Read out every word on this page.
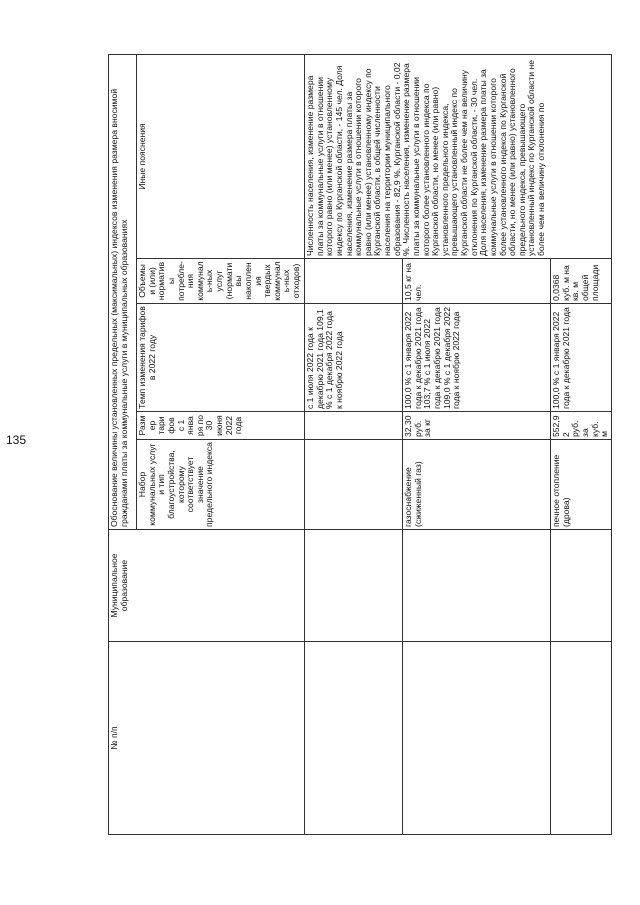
135
№ п/п	Муниципальное образование	Обоснование величины установленных предельных (максимальных) индексов изменения размера вносимой гражданами платы за коммунальные услуги в муниципальных образованиях				
		Набор коммунальных услуг и тип благоустройства, которому соответствует значение предельного индекса	Размер тарифов с 1 января по 30 июня 2022 года	Темп изменения тарифов в 2022 году	Объемы и (или) нормативы потребле-ния коммуналь-ных услуг (нормативы накопления твердых коммуналь-ных отходов)	Иные пояснения
				с 1 июля 2022 года к декабрю 2021 года 109,1 % с 1 декабря 2022 года к ноябрю 2022 года		Численность населения, изменение размера платы за коммунальные услуги в отношении которого равно (или менее) установленному индексу по Курганской области, - 145 чел. Доля населения, изменение размера платы за коммунальные услуги в отношении которого равно (или менее) установленному индексу по Курганской области, в общей численности населения на территории муниципального образования - 82,9 %. Курганской области - 0,02 %. Численность населения, изменение размера платы за коммунальные услуги в отношении которого более установленного индекса по Курганской области, но менее (или равно) установленного предельного индекса, превышающего установленный индекс по Курганской области не более чем на величину отклонения по Курганской области, - 30 чел. Доля населения, изменение размера платы за коммунальные услуги в отношении которого более установленного индекса по Курганской области, но менее (или равно) установленного предельного индекса, превышающего установленный индекс по Курганской области не более чем на величину отклонения по
		газоснабжение (сжиженный газ)	32,30 руб. за кг	100,0 % с 1 января 2022 года к декабрю 2021 года 103,7 % с 1 июля 2022 года к декабрю 2021 года 109,0 % с 1 декабря 2022 года к ноябрю 2022 года	10,5 кг на чел.	
		печное отопление (дрова)	552,92 руб. за куб. м	100,0 % с 1 января 2022 года к декабрю 2021 года	0,0368 куб. м на кв. м общей площади	
